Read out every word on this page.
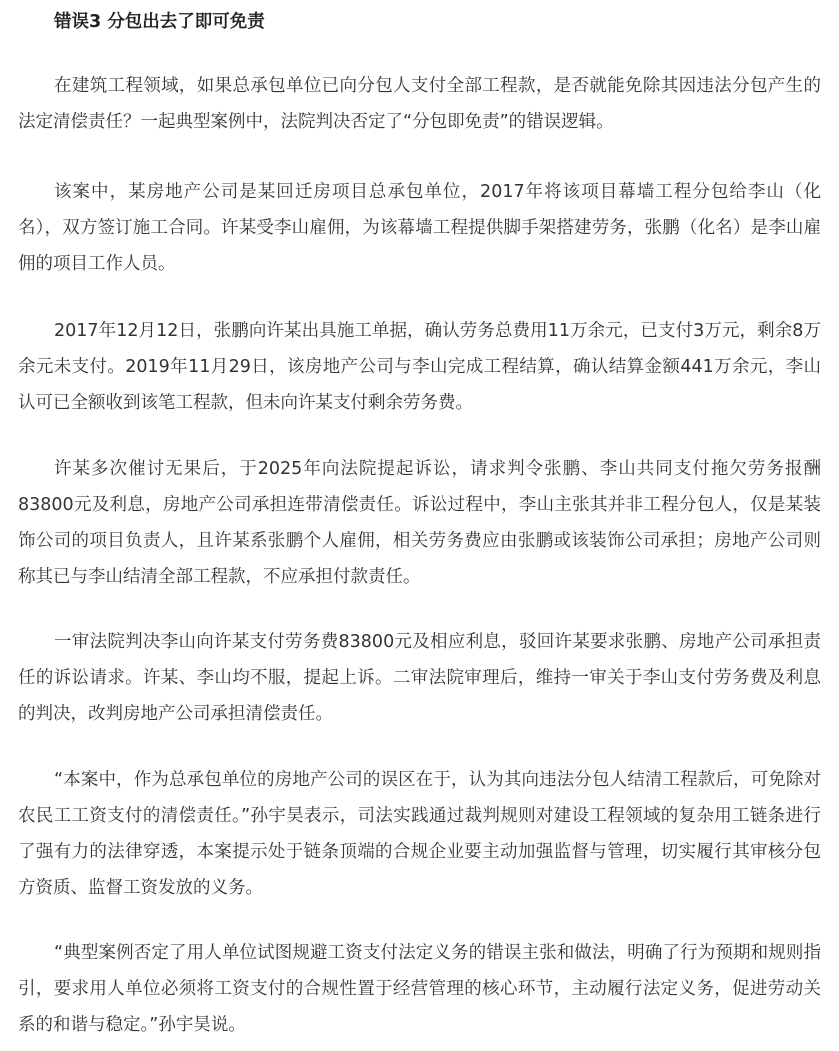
错误3 分包出去了即可免责

在建筑工程领域，如果总承包单位已向分包人支付全部工程款，是否就能免除其因违法分包产生的法定清偿责任？一起典型案例中，法院判决否定了“分包即免责”的错误逻辑。

该案中，某房地产公司是某回迁房项目总承包单位，2017年将该项目幕墙工程分包给李山（化名），双方签订施工合同。许某受李山雇佣，为该幕墙工程提供脚手架搭建劳务，张鹏（化名）是李山雇佣的项目工作人员。

2017年12月12日，张鹏向许某出具施工单据，确认劳务总费用11万余元，已支付3万元，剩余8万余元未支付。2019年11月29日，该房地产公司与李山完成工程结算，确认结算金额441万余元，李山认可已全额收到该笔工程款，但未向许某支付剩余劳务费。

许某多次催讨无果后，于2025年向法院提起诉讼，请求判令张鹏、李山共同支付拖欠劳务报酬83800元及利息，房地产公司承担连带清偿责任。诉讼过程中，李山主张其并非工程分包人，仅是某装饰公司的项目负责人，且许某系张鹏个人雇佣，相关劳务费应由张鹏或该装饰公司承担；房地产公司则称其已与李山结清全部工程款，不应承担付款责任。

一审法院判决李山向许某支付劳务费83800元及相应利息，驳回许某要求张鹏、房地产公司承担责任的诉讼请求。许某、李山均不服，提起上诉。二审法院审理后，维持一审关于李山支付劳务费及利息的判决，改判房地产公司承担清偿责任。

“本案中，作为总承包单位的房地产公司的误区在于，认为其向违法分包人结清工程款后，可免除对农民工工资支付的清偿责任。”孙宇昊表示，司法实践通过裁判规则对建设工程领域的复杂用工链条进行了强有力的法律穿透，本案提示处于链条顶端的合规企业要主动加强监督与管理，切实履行其审核分包方资质、监督工资发放的义务。

“典型案例否定了用人单位试图规避工资支付法定义务的错误主张和做法，明确了行为预期和规则指引，要求用人单位必须将工资支付的合规性置于经营管理的核心环节，主动履行法定义务，促进劳动关系的和谐与稳定。”孙宇昊说。
